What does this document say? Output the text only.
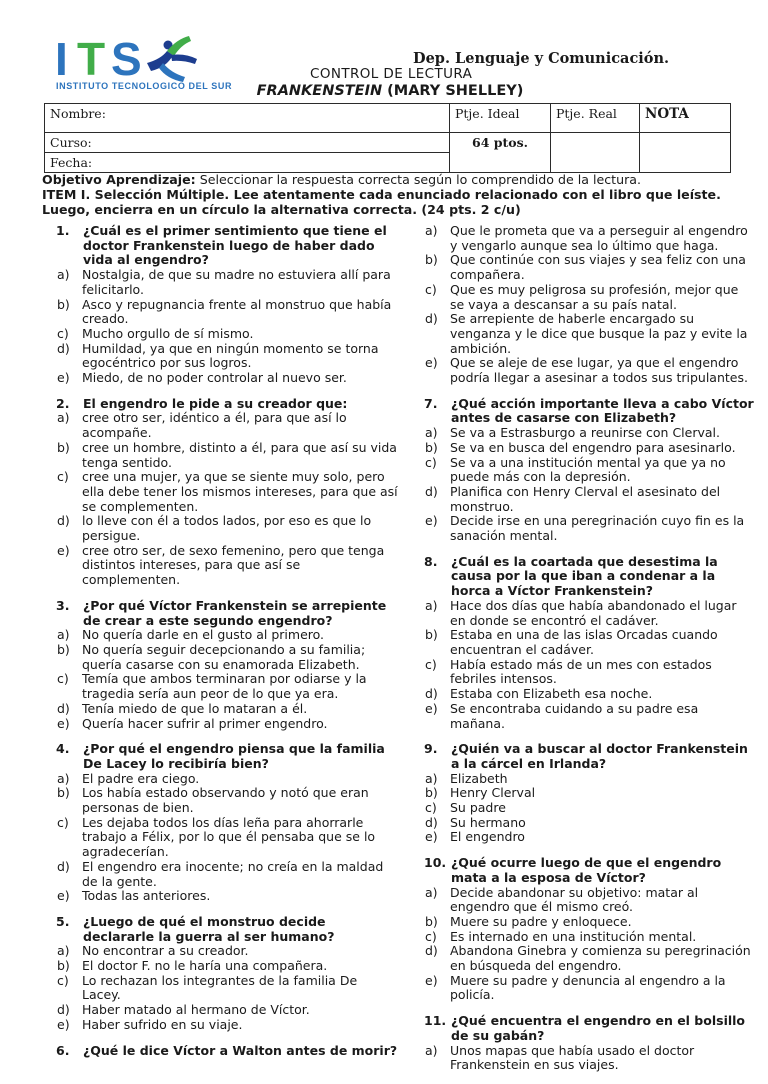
I T S
INSTITUTO TECNOLOGICO DEL SUR
Dep. Lenguaje y Comunicación.
CONTROL DE LECTURA
FRANKENSTEIN (MARY SHELLEY)
Nombre:	Ptje. Ideal	Ptje. Real	NOTA
Curso:	64 ptos.		
Fecha:			
Objetivo Aprendizaje: Seleccionar la respuesta correcta según lo comprendido de la lectura.
ITEM I. Selección Múltiple. Lee atentamente cada enunciado relacionado con el libro que leíste. Luego, encierra en un círculo la alternativa correcta. (24 pts. 2 c/u)
1.	¿Cuál es el primer sentimiento que tiene el doctor Frankenstein luego de haber dado vida al engendro?
a) Nostalgia, de que su madre no estuviera allí para felicitarlo.
b) Asco y repugnancia frente al monstruo que había creado.
c)	Mucho orgullo de sí mismo.
d) Humildad, ya que en ningún momento se torna egocéntrico por sus logros.
e) Miedo, de no poder controlar al nuevo ser.
2.	El engendro le pide a su creador que:
a) cree otro ser, idéntico a él, para que así lo acompañe.
b) cree un hombre, distinto a él, para que así su vida tenga sentido.
c)	cree una mujer, ya que se siente muy solo, pero ella debe tener los mismos intereses, para que así se complementen.
d) lo lleve con él a todos lados, por eso es que lo persigue.
e) cree otro ser, de sexo femenino, pero que tenga distintos intereses, para que así se complementen.
3.	¿Por qué Víctor Frankenstein se arrepiente de crear a este segundo engendro?
a) No quería darle en el gusto al primero.
b) No quería seguir decepcionando a su familia; quería casarse con su enamorada Elizabeth.
c)	Temía que ambos terminaran por odiarse y la tragedia sería aun peor de lo que ya era.
d) Tenía miedo de que lo mataran a él.
e) Quería hacer sufrir al primer engendro.
4.	¿Por qué el engendro piensa que la familia De Lacey lo recibiría bien?
a) El padre era ciego.
b) Los había estado observando y notó que eran personas de bien.
c)	Les dejaba todos los días leña para ahorrarle trabajo a Félix, por lo que él pensaba que se lo agradecerían.
d) El engendro era inocente; no creía en la maldad de la gente.
e) Todas las anteriores.
5.	¿Luego de qué el monstruo decide declararle la guerra al ser humano?
a) No encontrar a su creador.
b) El doctor F. no le haría una compañera.
c)	Lo rechazan los integrantes de la familia De Lacey.
d) Haber matado al hermano de Víctor.
e) Haber sufrido en su viaje.
6.	¿Qué le dice Víctor a Walton antes de morir?
a) Que le prometa que va a perseguir al engendro y vengarlo aunque sea lo último que haga.
b) Que continúe con sus viajes y sea feliz con una compañera.
c)	Que es muy peligrosa su profesión, mejor que se vaya a descansar a su país natal.
d) Se arrepiente de haberle encargado su venganza y le dice que busque la paz y evite la ambición.
e) Que se aleje de ese lugar, ya que el engendro podría llegar a asesinar a todos sus tripulantes.
7.	¿Qué acción importante lleva a cabo Víctor antes de casarse con Elizabeth?
a) Se va a Estrasburgo a reunirse con Clerval.
b) Se va en busca del engendro para asesinarlo.
c)	Se va a una institución mental ya que ya no puede más con la depresión.
d) Planifica con Henry Clerval el asesinato del monstruo.
e) Decide irse en una peregrinación cuyo fin es la sanación mental.
8.	¿Cuál es la coartada que desestima la causa por la que iban a condenar a la horca a Víctor Frankenstein?
a) Hace dos días que había abandonado el lugar en donde se encontró el cadáver.
b) Estaba en una de las islas Orcadas cuando encuentran el cadáver.
c)	Había estado más de un mes con estados febriles intensos.
d) Estaba con Elizabeth esa noche.
e) Se encontraba cuidando a su padre esa mañana.
9.	¿Quién va a buscar al doctor Frankenstein a la cárcel en Irlanda?
a) Elizabeth
b) Henry Clerval
c)	Su padre
d) Su hermano
e) El engendro
10. ¿Qué ocurre luego de que el engendro mata a la esposa de Víctor?
a) Decide abandonar su objetivo: matar al engendro que él mismo creó.
b) Muere su padre y enloquece.
c)	Es internado en una institución mental.
d) Abandona Ginebra y comienza su peregrinación en búsqueda del engendro.
e) Muere su padre y denuncia al engendro a la policía.
11. ¿Qué encuentra el engendro en el bolsillo de su gabán?
a) Unos mapas que había usado el doctor Frankenstein en sus viajes.
